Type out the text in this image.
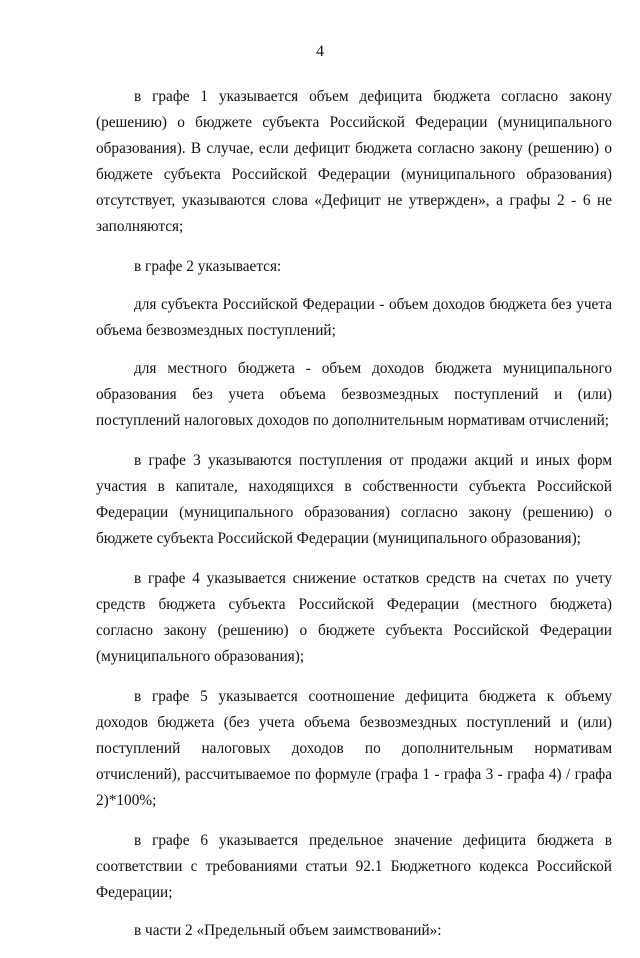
4

в графе 1 указывается объем дефицита бюджета согласно закону (решению) о бюджете субъекта Российской Федерации (муниципального образования). В случае, если дефицит бюджета согласно закону (решению) о бюджете субъекта Российской Федерации (муниципального образования) отсутствует, указываются слова «Дефицит не утвержден», а графы 2 - 6 не заполняются;

в графе 2 указывается:

для субъекта Российской Федерации - объем доходов бюджета без учета объема безвозмездных поступлений;

для местного бюджета - объем доходов бюджета муниципального образования без учета объема безвозмездных поступлений и (или) поступлений налоговых доходов по дополнительным нормативам отчислений;

в графе 3 указываются поступления от продажи акций и иных форм участия в капитале, находящихся в собственности субъекта Российской Федерации (муниципального образования) согласно закону (решению) о бюджете субъекта Российской Федерации (муниципального образования);

в графе 4 указывается снижение остатков средств на счетах по учету средств бюджета субъекта Российской Федерации (местного бюджета) согласно закону (решению) о бюджете субъекта Российской Федерации (муниципального образования);

в графе 5 указывается соотношение дефицита бюджета к объему доходов бюджета (без учета объема безвозмездных поступлений и (или) поступлений налоговых доходов по дополнительным нормативам отчислений), рассчитываемое по формуле (графа 1 - графа 3 - графа 4) / графа 2)*100%;

в графе 6 указывается предельное значение дефицита бюджета в соответствии с требованиями статьи 92.1 Бюджетного кодекса Российской Федерации;

в части 2 «Предельный объем заимствований»:
